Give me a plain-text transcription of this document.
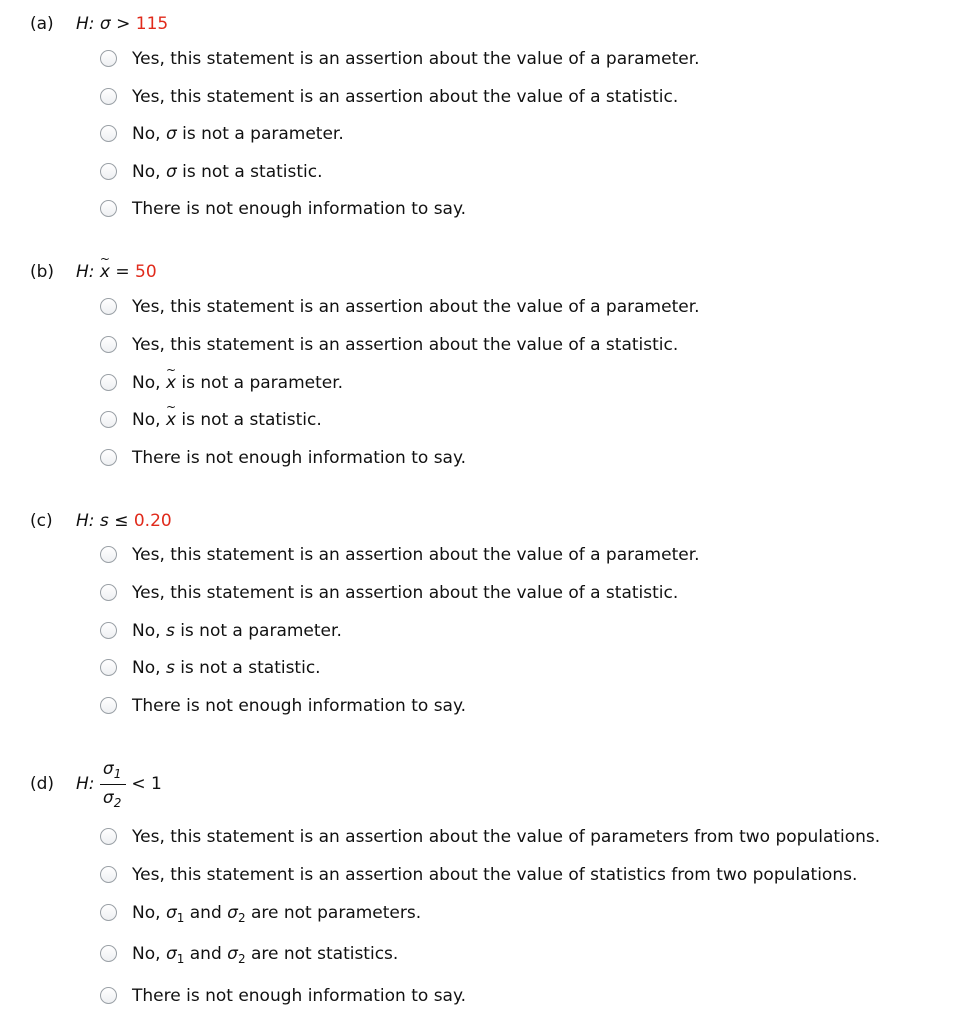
(a) H: σ > 115
Yes, this statement is an assertion about the value of a parameter.
Yes, this statement is an assertion about the value of a statistic.
No, σ is not a parameter.
No, σ is not a statistic.
There is not enough information to say.
(b) H:
~
x = 50
Yes, this statement is an assertion about the value of a parameter.
Yes, this statement is an assertion about the value of a statistic.
No,
~
x is not a parameter.
No,
~
x is not a statistic.
There is not enough information to say.
(c) H: s ≤ 0.20
Yes, this statement is an assertion about the value of a parameter.
Yes, this statement is an assertion about the value of a statistic.
No, s is not a parameter.
No, s is not a statistic.
There is not enough information to say.
(d) H: $\frac{\sigma_1}{\sigma_2} < 1$
Yes, this statement is an assertion about the value of parameters from two populations.
Yes, this statement is an assertion about the value of statistics from two populations.
No, $\sigma_1$ and $\sigma_2$ are not parameters.
No, $\sigma_1$ and $\sigma_2$ are not statistics.
There is not enough information to say.
